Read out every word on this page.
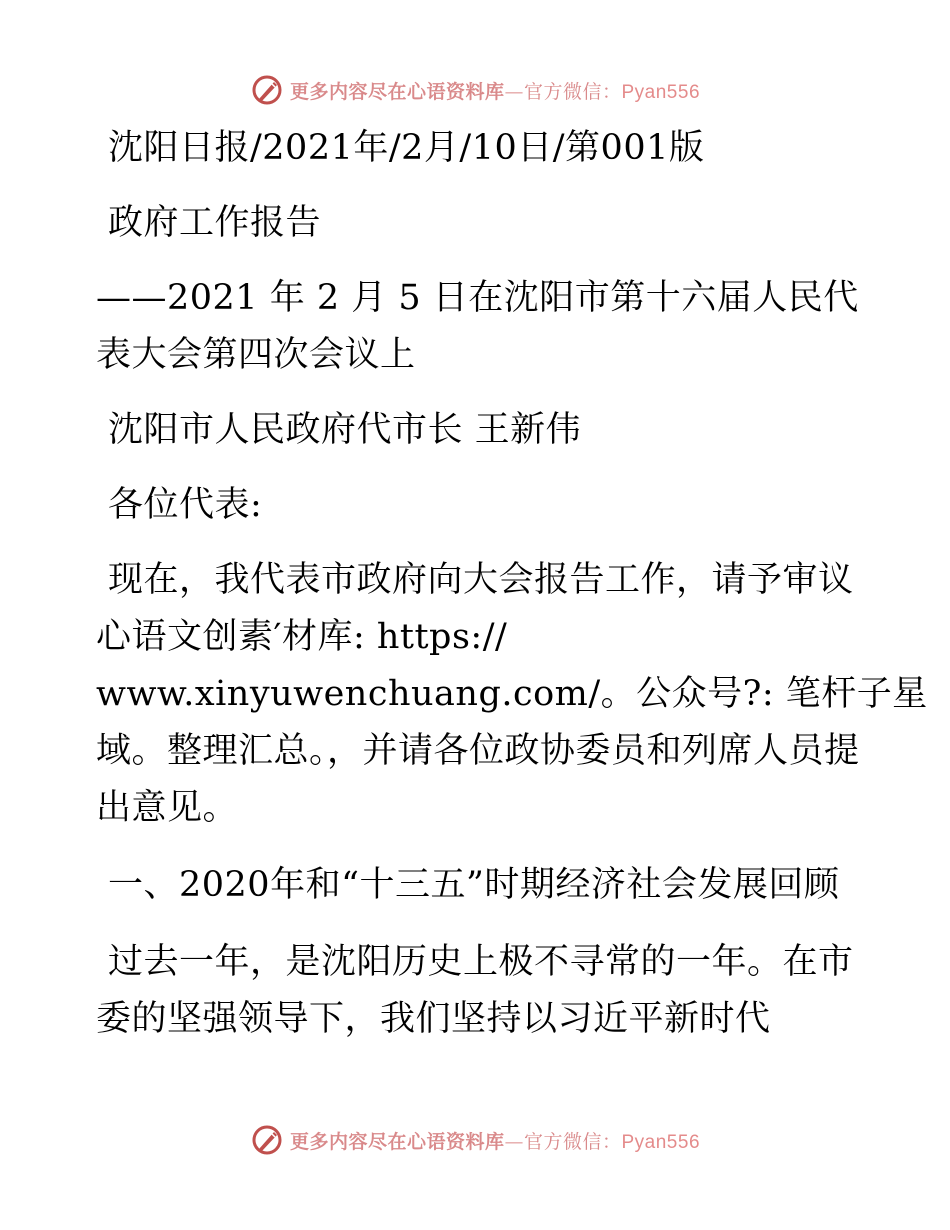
更多内容尽在心语资料库—官方微信：Pyan556

沈阳日报/2021年/2月/10日/第001版

政府工作报告

——2021 年 2 月 5 日在沈阳市第十六届人民代

表大会第四次会议上

沈阳市人民政府代市长 王新伟

各位代表:

现在，我代表市政府向大会报告工作，请予审议

心语文创素′材库: https://

www.xinyuwenchuang.com/。公众号?: 笔杆子星

域。整理汇总。，并请各位政协委员和列席人员提

出意见。

一、2020年和“十三五”时期经济社会发展回顾

过去一年，是沈阳历史上极不寻常的一年。在市

委的坚强领导下，我们坚持以习近平新时代

更多内容尽在心语资料库—官方微信：Pyan556
